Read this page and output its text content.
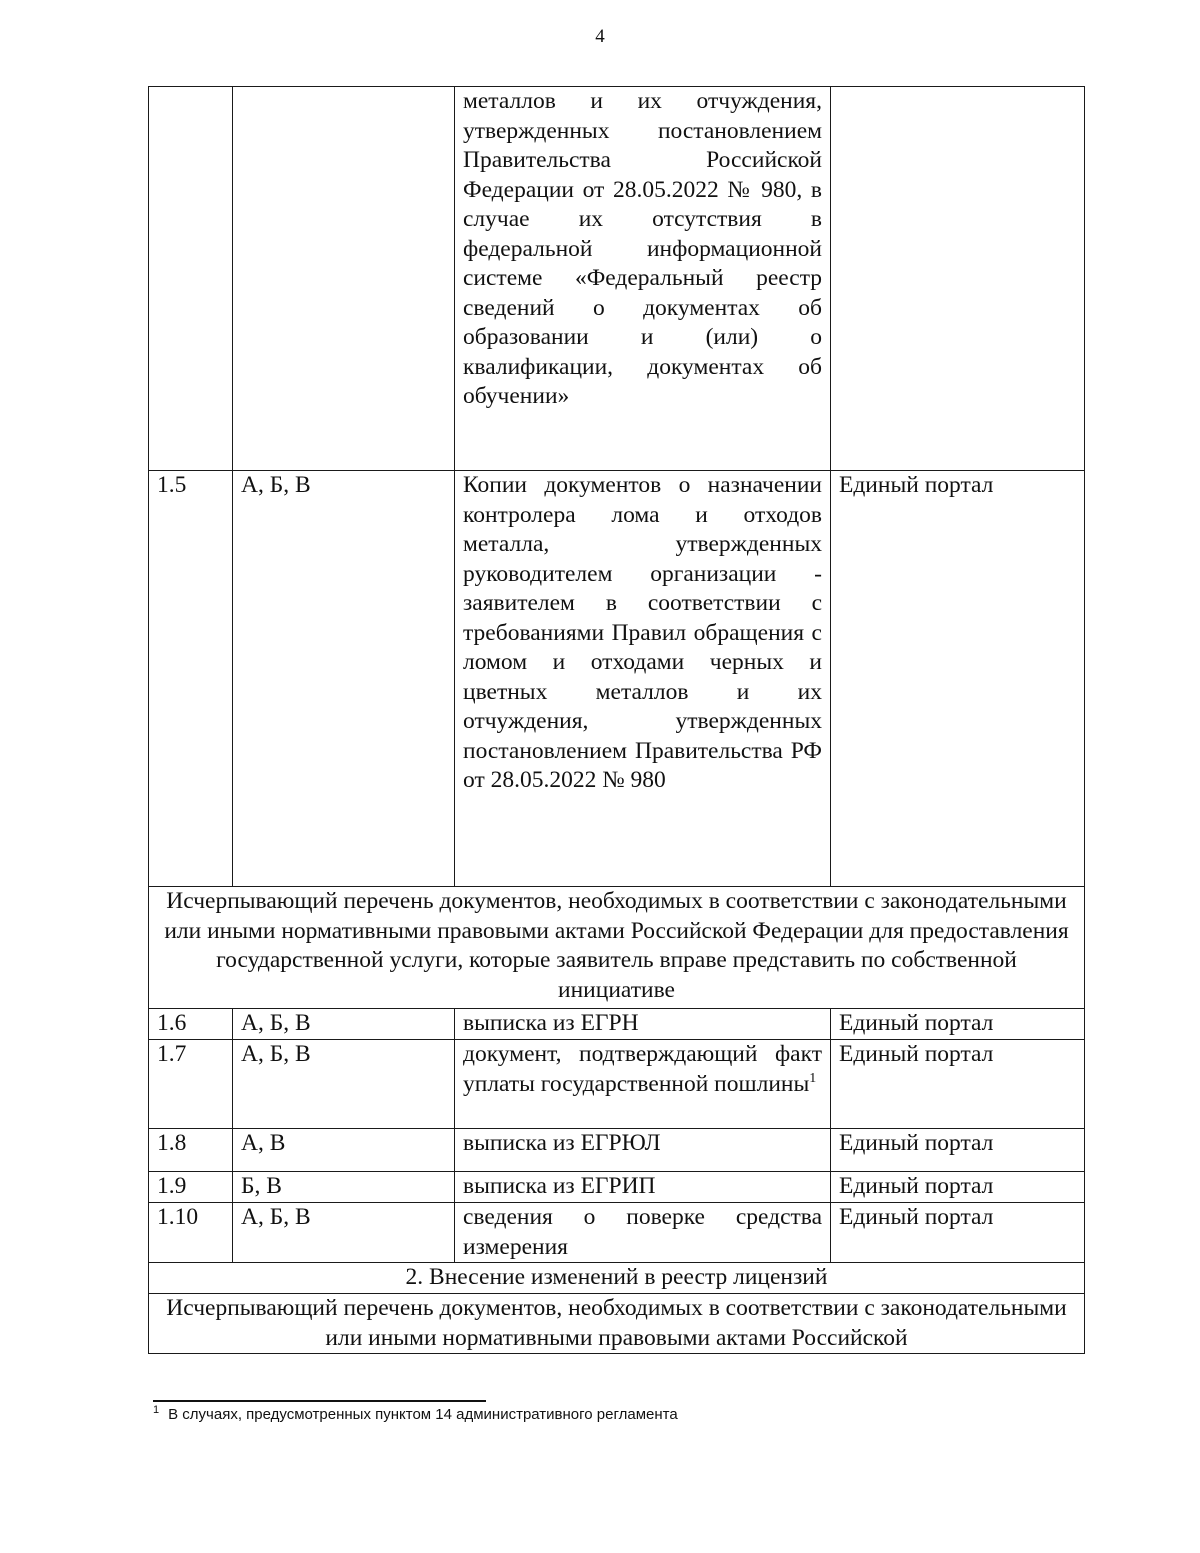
4
		металлов и их отчуждения, утвержденных постановлением Правительства Российской Федерации от 28.05.2022 № 980, в случае их отсутствия в федеральной информационной системе «Федеральный реестр сведений о документах об образовании и (или) о квалификации, документах об обучении»	
1.5	А, Б, В	Копии документов о назначении контролера лома и отходов металла, утвержденных руководителем организации - заявителем в соответствии с требованиями Правил обращения с ломом и отходами черных и цветных металлов и их отчуждения, утвержденных постановлением Правительства РФ от 28.05.2022 № 980	Единый портал
Исчерпывающий перечень документов, необходимых в соответствии с законодательными или иными нормативными правовыми актами Российской Федерации для предоставления государственной услуги, которые заявитель вправе представить по собственной инициативе			
1.6	А, Б, В	выписка из ЕГРН	Единый портал
1.7	А, Б, В	документ, подтверждающий факт уплаты государственной пошлины$^1$	Единый портал
1.8	А, В	выписка из ЕГРЮЛ	Единый портал
1.9	Б, В	выписка из ЕГРИП	Единый портал
1.10	А, Б, В	сведения о поверке средства измерения	Единый портал
2. Внесение изменений в реестр лицензий			
Исчерпывающий перечень документов, необходимых в соответствии с законодательными или иными нормативными правовыми актами Российской			
$^1$ В случаях, предусмотренных пунктом 14 административного регламента
